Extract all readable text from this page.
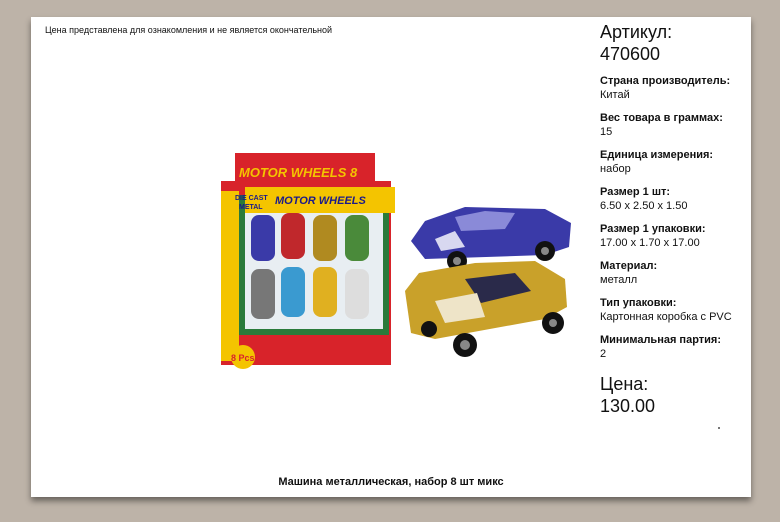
Цена представлена для ознакомления и не является окончательной
MOTOR WHEELS 8
MOTOR WHEELS
DIE CAST
METAL
8 Pcs
Артикул:
470600
Страна производитель:
Китай
Вес товара в граммах:
15
Единица измерения:
набор
Размер 1 шт:
6.50 х 2.50 х 1.50
Размер 1 упаковки:
17.00 х 1.70 х 17.00
Материал:
металл
Тип упаковки:
Картонная коробка с PVC
Минимальная партия:
2
Цена:
130.00
Машина металлическая, набор 8 шт микс
